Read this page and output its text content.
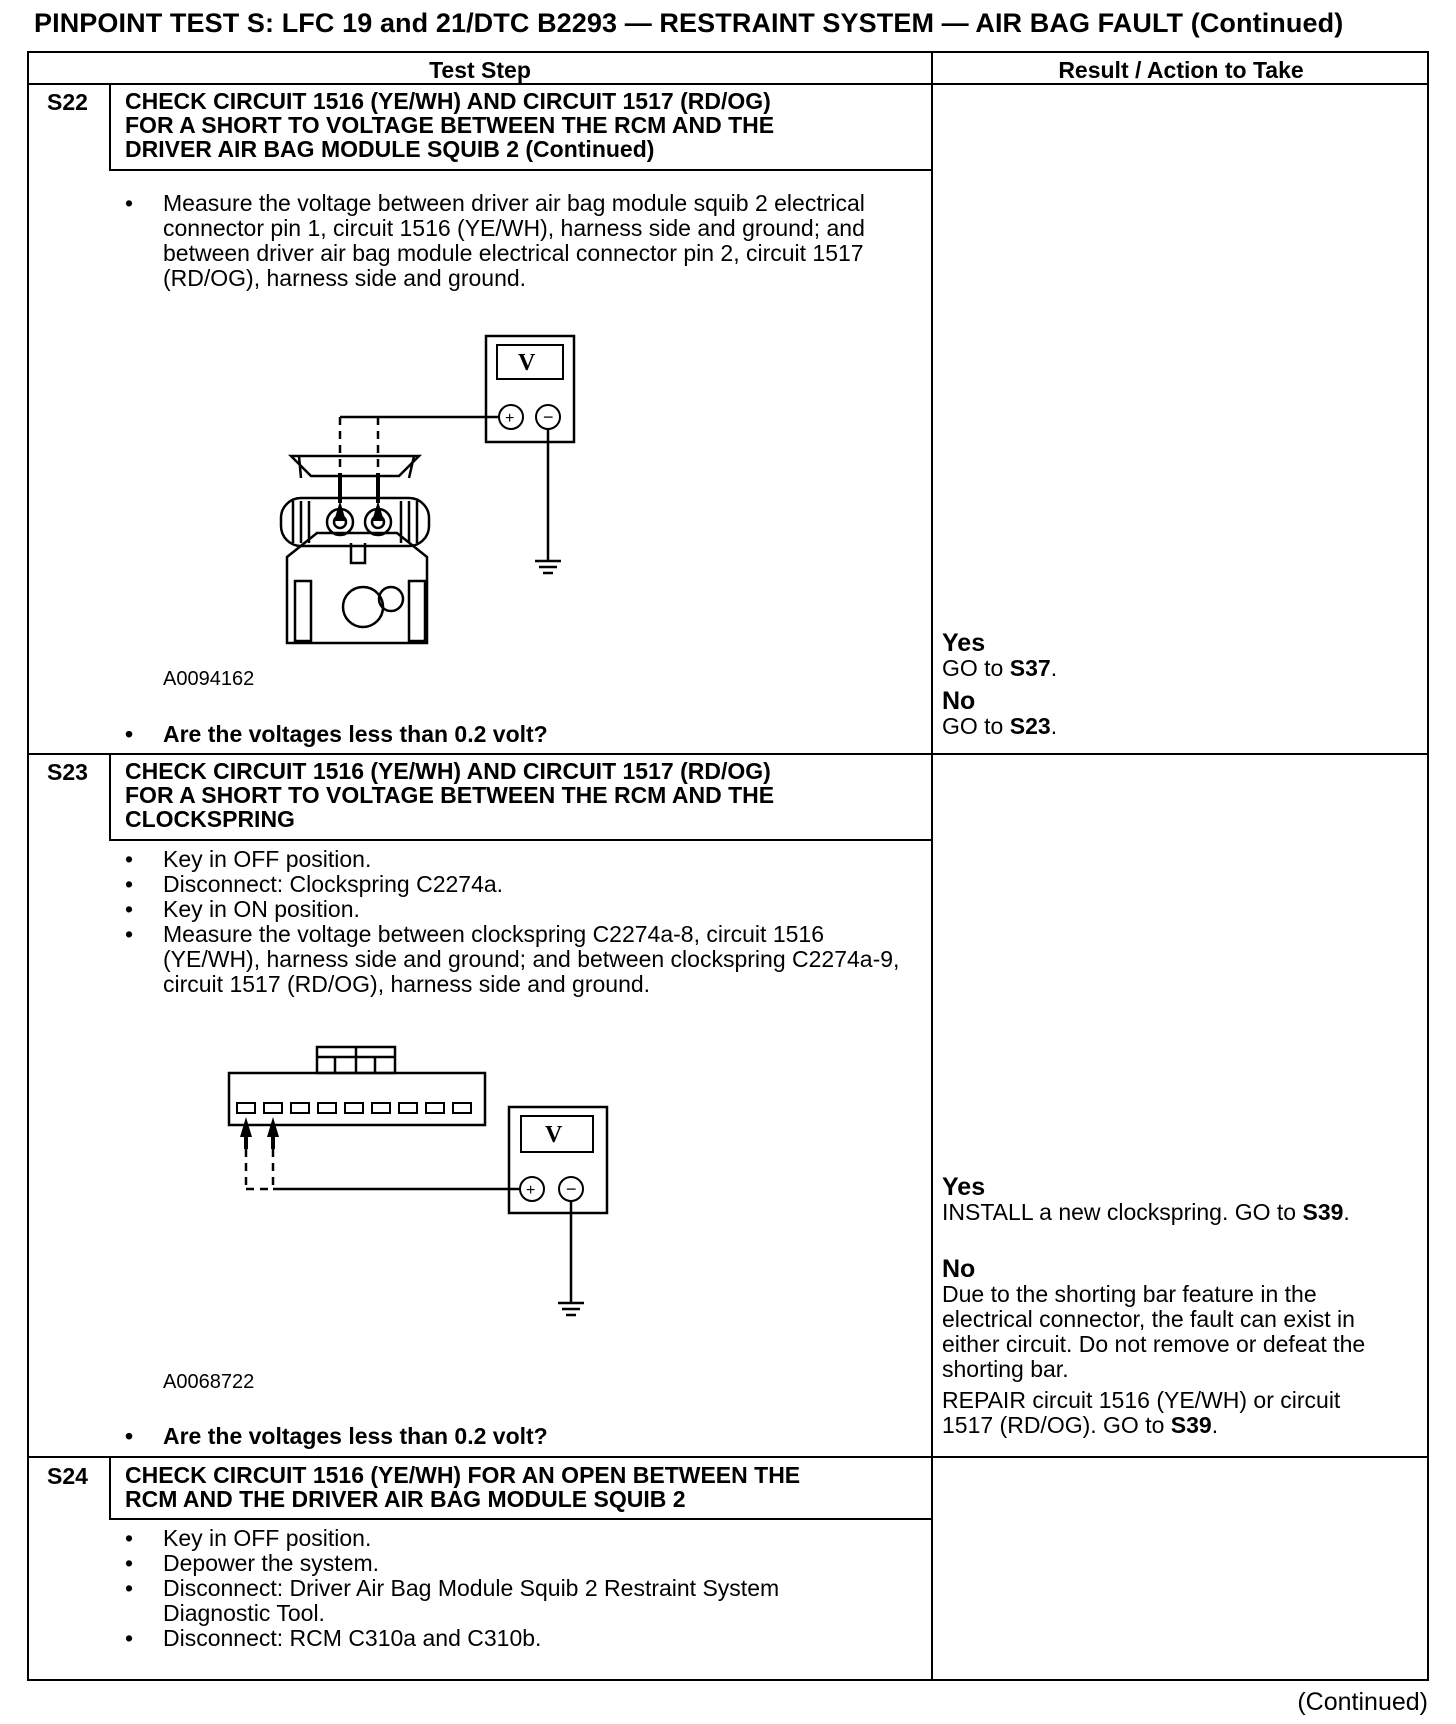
PINPOINT TEST S: LFC 19 and 21/DTC B2293 — RESTRAINT SYSTEM — AIR BAG FAULT (Continued)
Test Step	Result / Action to Take
S22 CHECK CIRCUIT 1516 (YE/WH) AND CIRCUIT 1517 (RD/OG)
FOR A SHORT TO VOLTAGE BETWEEN THE RCM AND THE
DRIVER AIR BAG MODULE SQUIB 2 (Continued)
• Measure the voltage between driver air bag module squib 2 electrical connector pin 1, circuit 1516 (YE/WH), harness side and ground; and between driver air bag module electrical connector pin 2, circuit 1517 (RD/OG), harness side and ground.
V
+ −
A0094162
• Are the voltages less than 0.2 volt?
Yes
GO to S37.
No
GO to S23.
S23 CHECK CIRCUIT 1516 (YE/WH) AND CIRCUIT 1517 (RD/OG)
FOR A SHORT TO VOLTAGE BETWEEN THE RCM AND THE
CLOCKSPRING
• Key in OFF position.
• Disconnect: Clockspring C2274a.
• Key in ON position.
• Measure the voltage between clockspring C2274a-8, circuit 1516 (YE/WH), harness side and ground; and between clockspring C2274a-9, circuit 1517 (RD/OG), harness side and ground.
V
+ −
A0068722
• Are the voltages less than 0.2 volt?
Yes
INSTALL a new clockspring. GO to S39.
No
Due to the shorting bar feature in the electrical connector, the fault can exist in either circuit. Do not remove or defeat the shorting bar.
REPAIR circuit 1516 (YE/WH) or circuit 1517 (RD/OG). GO to S39.
S24 CHECK CIRCUIT 1516 (YE/WH) FOR AN OPEN BETWEEN THE
RCM AND THE DRIVER AIR BAG MODULE SQUIB 2
• Key in OFF position.
• Depower the system.
• Disconnect: Driver Air Bag Module Squib 2 Restraint System Diagnostic Tool.
• Disconnect: RCM C310a and C310b.
(Continued)
